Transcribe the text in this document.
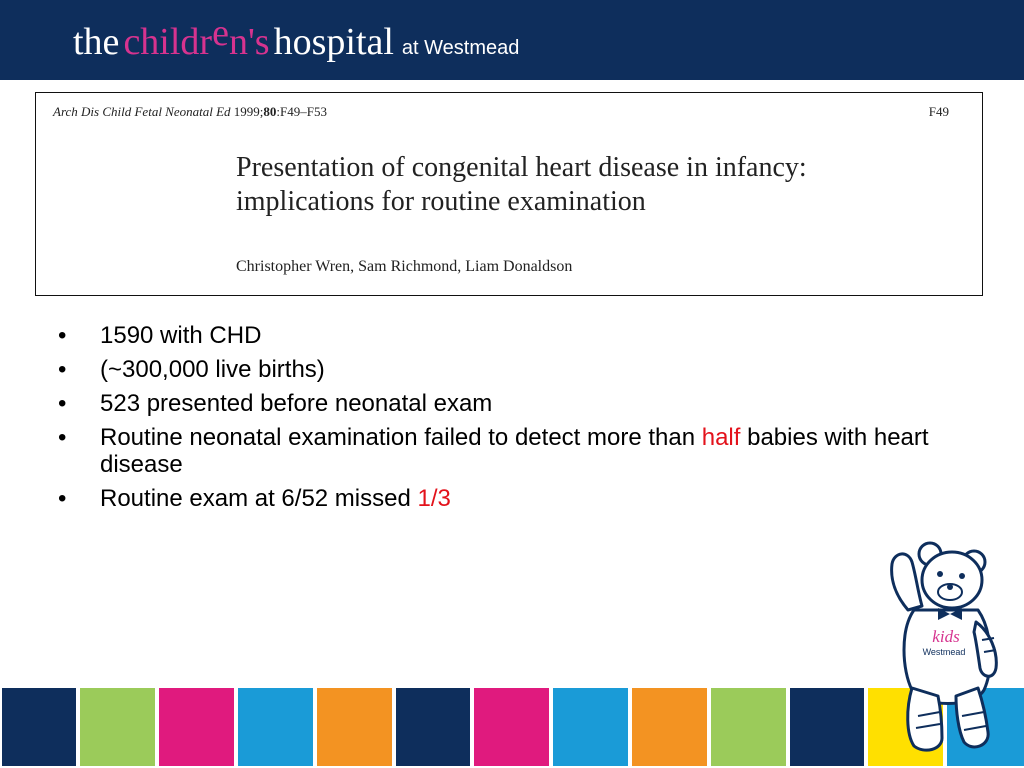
the children's hospital at Westmead
Arch Dis Child Fetal Neonatal Ed 1999;80:F49–F53	F49
Presentation of congenital heart disease in infancy: implications for routine examination
Christopher Wren, Sam Richmond, Liam Donaldson
• 1590 with CHD
• (~300,000 live births)
• 523 presented before neonatal exam
• Routine neonatal examination failed to detect more than half babies with heart disease
• Routine exam at 6/52 missed 1/3
kids
Westmead
